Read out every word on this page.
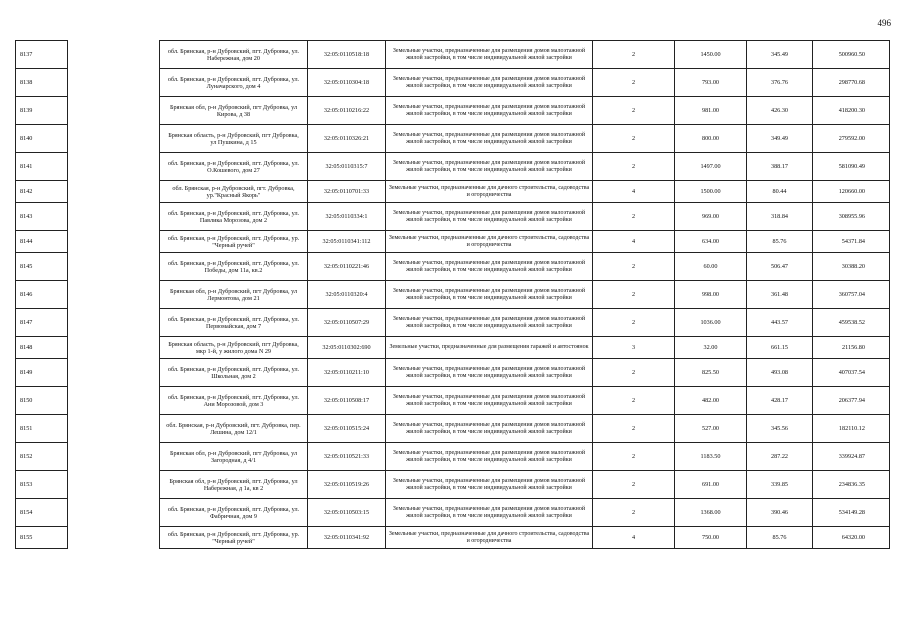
496
8137		обл. Брянская, р-н Дубровский, пгт. Дубровка, ул. Набережная, дом 20	32:05:0110518:18	Земельные участки, предназначенные для размещения домов малоэтажной жилой застройки, в том числе индивидуальной жилой застройки	2	1450.00	345.49	500960.50
8138		обл. Брянская, р-н Дубровский, пгт. Дубровка, ул. Луначарского, дом 4	32:05:0110304:18	Земельные участки, предназначенные для размещения домов малоэтажной жилой застройки, в том числе индивидуальной жилой застройки	2	793.00	376.76	298770.68
8139		Брянская обл, р-н Дубровский, пгт Дубровка, ул Кирова, д 38	32:05:0110216:22	Земельные участки, предназначенные для размещения домов малоэтажной жилой застройки, в том числе индивидуальной жилой застройки	2	981.00	426.30	418200.30
8140		Брянская область, р-н Дубровский, пгт Дубровка, ул Пушкина, д 15	32:05:0110326:21	Земельные участки, предназначенные для размещения домов малоэтажной жилой застройки, в том числе индивидуальной жилой застройки	2	800.00	349.49	279592.00
8141		обл. Брянская, р-н Дубровский, пгт. Дубровка, ул. О.Кошевого, дом 27	32:05:0110315:7	Земельные участки, предназначенные для размещения домов малоэтажной жилой застройки, в том числе индивидуальной жилой застройки	2	1497.00	388.17	581090.49
8142		обл. Брянская, р-н Дубровский, пгт. Дубровка, ур."Красный Якорь"	32:05:0110701:33	Земельные участки, предназначенные для дачного строительства, садоводства и огородничества	4	1500.00	80.44	120660.00
8143		обл. Брянская, р-н Дубровский, пгт. Дубровка, ул. Павлика Морозова, дом 2	32:05:0110334:1	Земельные участки, предназначенные для размещения домов малоэтажной жилой застройки, в том числе индивидуальной жилой застройки	2	969.00	318.84	308955.96
8144		обл. Брянская, р-н Дубровский, пгт. Дубровка, ур. "Черный ручей"	32:05:0110341:112	Земельные участки, предназначенные для дачного строительства, садоводства и огородничества	4	634.00	85.76	54371.84
8145		обл. Брянская, р-н Дубровский, пгт. Дубровка, ул. Победы, дом 11а, кв.2	32:05:0110221:46	Земельные участки, предназначенные для размещения домов малоэтажной жилой застройки, в том числе индивидуальной жилой застройки	2	60.00	506.47	30388.20
8146		Брянская обл, р-н Дубровский, пгт Дубровка, ул Лермонтова, дом 21	32:05:0110320:4	Земельные участки, предназначенные для размещения домов малоэтажной жилой застройки, в том числе индивидуальной жилой застройки	2	998.00	361.48	360757.04
8147		обл. Брянская, р-н Дубровский, пгт. Дубровка, ул. Первомайская, дом 7	32:05:0110507:29	Земельные участки, предназначенные для размещения домов малоэтажной жилой застройки, в том числе индивидуальной жилой застройки	2	1036.00	443.57	459538.52
8148		Брянская область, р-н Дубровский, пгт Дубровка, мкр 1-й, у жилого дома N 29	32:05:0110302:690	Земельные участки, предназначенные для размещения гаражей и автостоянок	3	32.00	661.15	21156.80
8149		обл. Брянская, р-н Дубровский, пгт. Дубровка, ул. Школьная, дом 2	32:05:0110211:10	Земельные участки, предназначенные для размещения домов малоэтажной жилой застройки, в том числе индивидуальной жилой застройки	2	825.50	493.08	407037.54
8150		обл. Брянская, р-н Дубровский, пгт. Дубровка, ул. Ани Морозовой, дом 3	32:05:0110508:17	Земельные участки, предназначенные для размещения домов малоэтажной жилой застройки, в том числе индивидуальной жилой застройки	2	482.00	428.17	206377.94
8151		обл. Брянская, р-н Дубровский, пгт. Дубровка, пер. Лешина, дом 12/1	32:05:0110515:24	Земельные участки, предназначенные для размещения домов малоэтажной жилой застройки, в том числе индивидуальной жилой застройки	2	527.00	345.56	182110.12
8152		Брянская обл, р-н Дубровский, пгт Дубровка, ул Загородная, д 4/1	32:05:0110521:33	Земельные участки, предназначенные для размещения домов малоэтажной жилой застройки, в том числе индивидуальной жилой застройки	2	1183.50	287.22	339924.87
8153		Брянская обл, р-н Дубровский, пгт. Дубровка, ул Набережная, д 1а, кв 2	32:05:0110519:26	Земельные участки, предназначенные для размещения домов малоэтажной жилой застройки, в том числе индивидуальной жилой застройки	2	691.00	339.85	234836.35
8154		обл. Брянская, р-н Дубровский, пгт. Дубровка, ул. Фабричная, дом 9	32:05:0110503:15	Земельные участки, предназначенные для размещения домов малоэтажной жилой застройки, в том числе индивидуальной жилой застройки	2	1368.00	390.46	534149.28
8155		обл. Брянская, р-н Дубровский, пгт. Дубровка, ур. "Черный ручей"	32:05:0110341:92	Земельные участки, предназначенные для дачного строительства, садоводства и огородничества	4	750.00	85.76	64320.00
